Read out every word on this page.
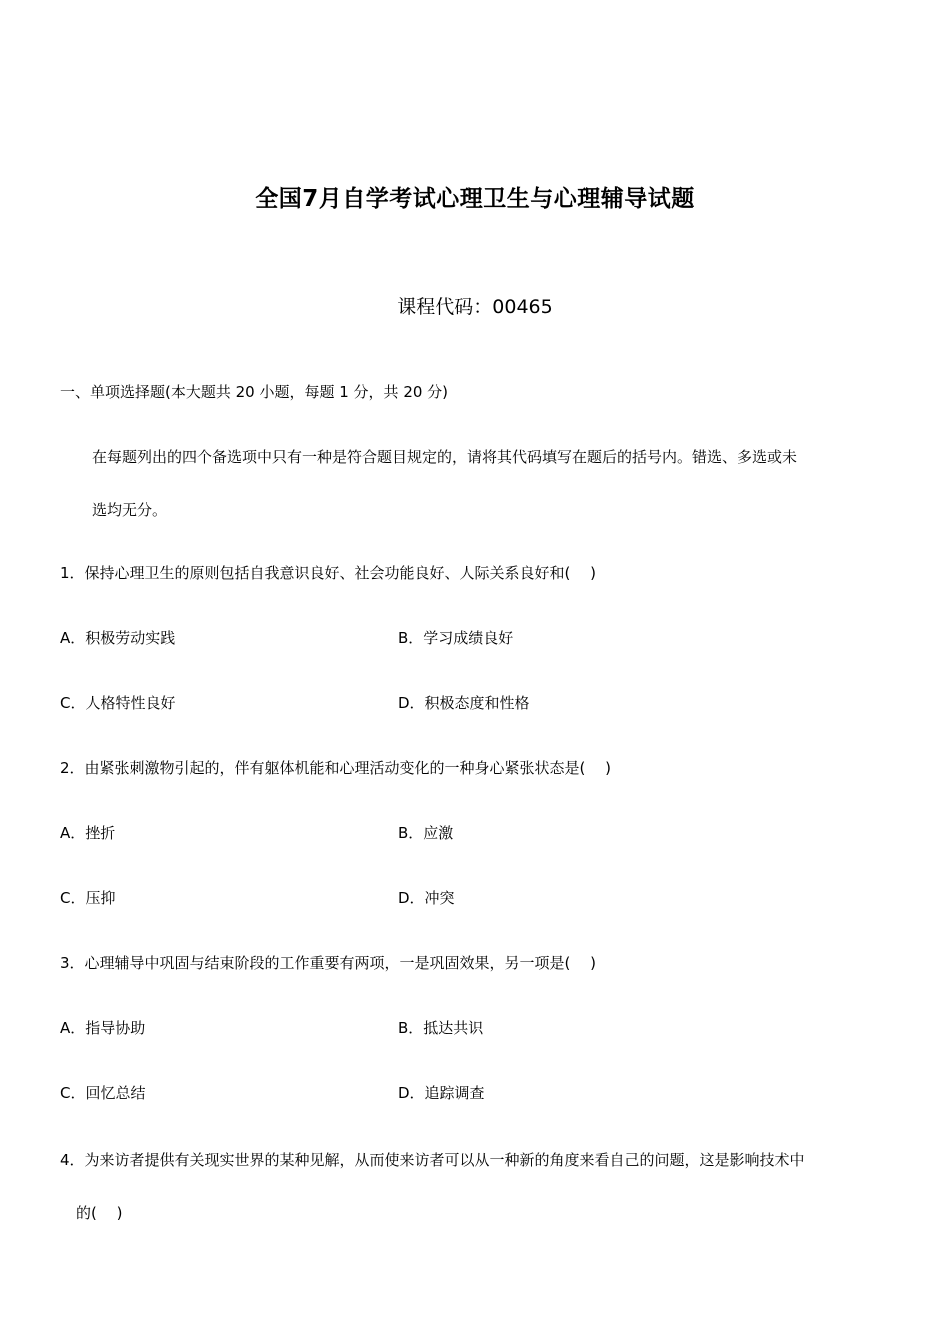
全国7月自学考试心理卫生与心理辅导试题
课程代码：00465
一、单项选择题(本大题共 20 小题，每题 1 分，共 20 分)
在每题列出的四个备选项中只有一种是符合题目规定的，请将其代码填写在题后的括号内。错选、多选或未
选均无分。
1．保持心理卫生的原则包括自我意识良好、社会功能良好、人际关系良好和(　 )
A．积极劳动实践	B．学习成绩良好
C．人格特性良好	D．积极态度和性格
2．由紧张刺激物引起的，伴有躯体机能和心理活动变化的一种身心紧张状态是(　 )
A．挫折	B．应激
C．压抑	D．冲突
3．心理辅导中巩固与结束阶段的工作重要有两项，一是巩固效果，另一项是(　 )
A．指导协助	B．抵达共识
C．回忆总结	D．追踪调查
4．为来访者提供有关现实世界的某种见解，从而使来访者可以从一种新的角度来看自己的问题，这是影响技术中
的(　 )
